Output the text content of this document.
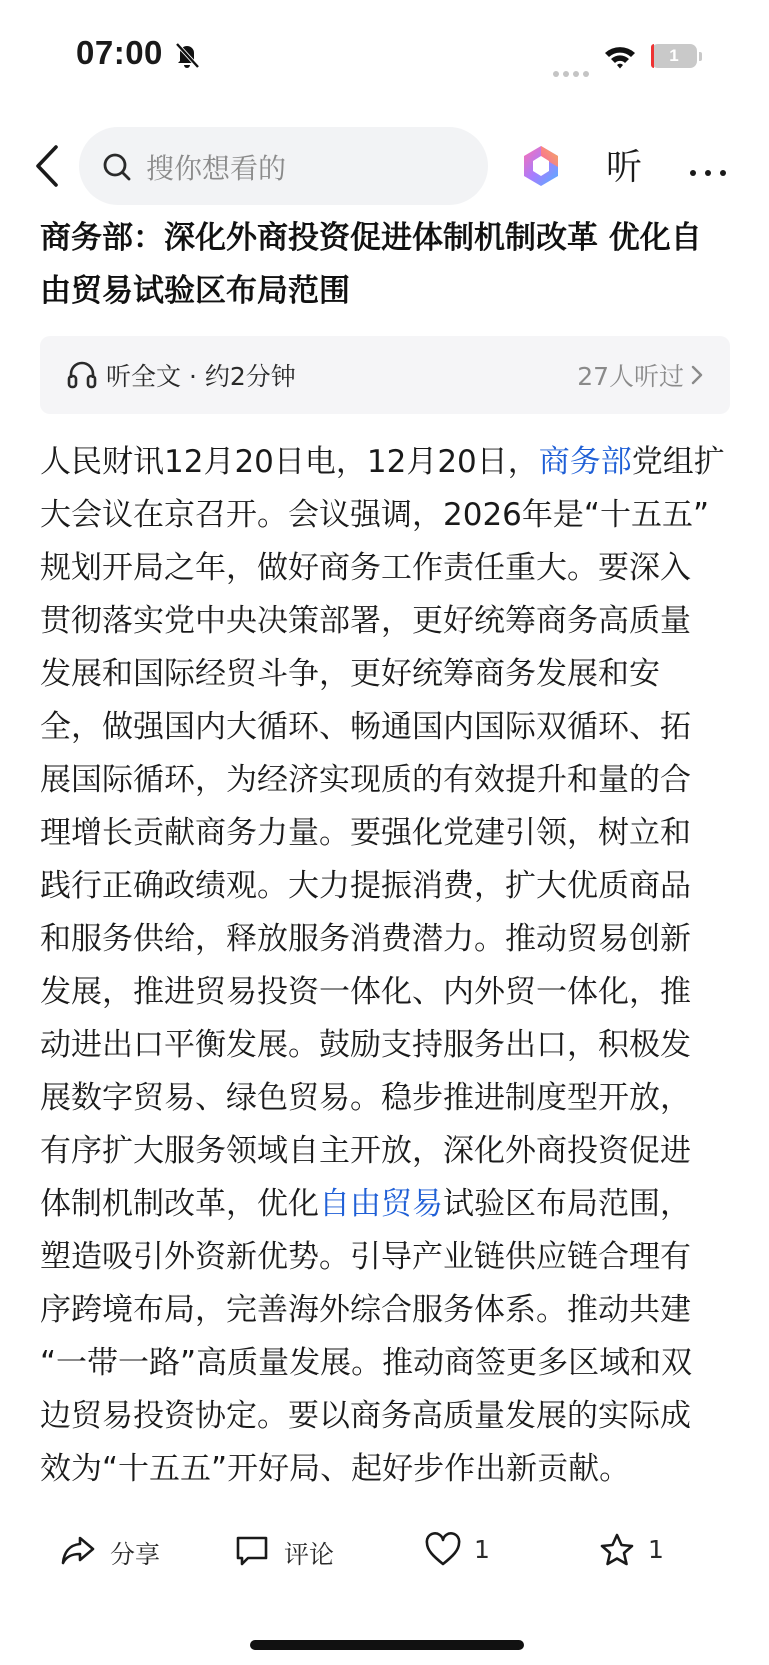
07:00	1
搜你想看的	听
商务部：深化外商投资促进体制机制改革 优化自
由贸易试验区布局范围
听全文 · 约2分钟	27人听过
人民财讯12月20日电，12月20日，商务部党组扩
大会议在京召开。会议强调，2026年是“十五五”
规划开局之年，做好商务工作责任重大。要深入
贯彻落实党中央决策部署，更好统筹商务高质量
发展和国际经贸斗争，更好统筹商务发展和安
全，做强国内大循环、畅通国内国际双循环、拓
展国际循环，为经济实现质的有效提升和量的合
理增长贡献商务力量。要强化党建引领，树立和
践行正确政绩观。大力提振消费，扩大优质商品
和服务供给，释放服务消费潜力。推动贸易创新
发展，推进贸易投资一体化、内外贸一体化，推
动进出口平衡发展。鼓励支持服务出口，积极发
展数字贸易、绿色贸易。稳步推进制度型开放，
有序扩大服务领域自主开放，深化外商投资促进
体制机制改革，优化自由贸易试验区布局范围，
塑造吸引外资新优势。引导产业链供应链合理有
序跨境布局，完善海外综合服务体系。推动共建
“一带一路”高质量发展。推动商签更多区域和双
边贸易投资协定。要以商务高质量发展的实际成
效为“十五五”开好局、起好步作出新贡献。
分享	评论	1	1
